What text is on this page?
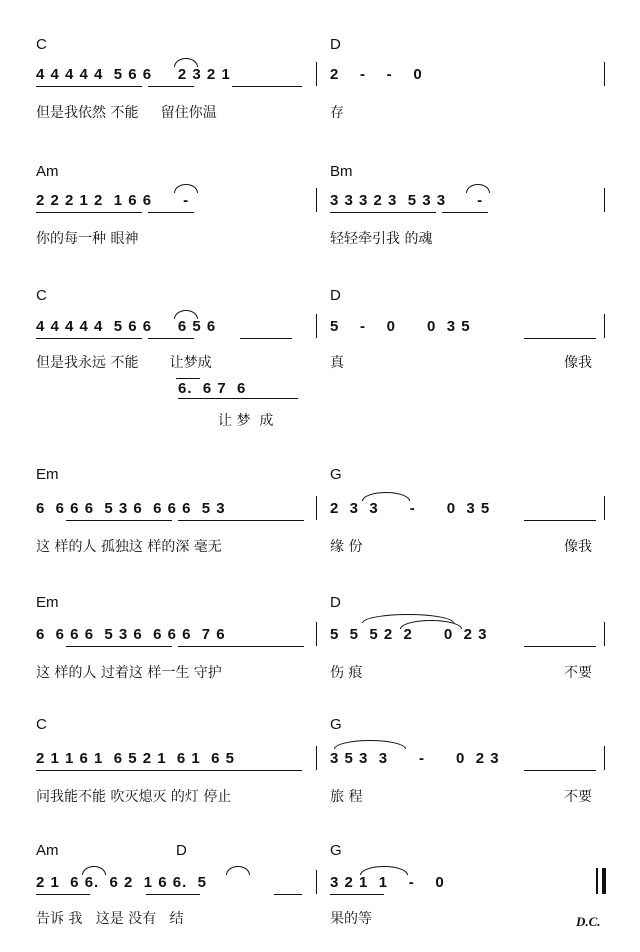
C	D
4 4 4 4 4  5 6 6     2 3 2 1	2    -    -    0
但是我依然 不能     留住你温	存
Am	Bm
2 2 2 1 2  1 6 6      -	3 3 3 2 3  5 3 3      -
你的每一种 眼神	轻轻牵引我 的魂
C	D
4 4 4 4 4  5 6 6     6 5 6	5    -    0      0  3 5
但是我永远 不能       让梦成	真	像我
6.  6 7  6
让 梦  成
Em	G
6  6 6 6  5 3 6  6 6 6  5 3	2  3  3      -      0  3 5
这 样的人 孤独这 样的深 毫无	缘 份	像我
Em	D
6  6 6 6  5 3 6  6 6 6  7 6	5  5  5 2  2      0  2 3
这 样的人 过着这 样一生 守护	伤 痕	不要
C	G
2 1 1 6 1  6 5 2 1  6 1  6 5	3 5 3  3      -      0  2 3
问我能不能 吹灭熄灭 的灯 停止	旅 程	不要
Am	D	G
2 1  6 6.  6 2  1 6 6.  5	3 2 1  1    -    0
告诉 我   这是 没有   结	果的等	D.C.
